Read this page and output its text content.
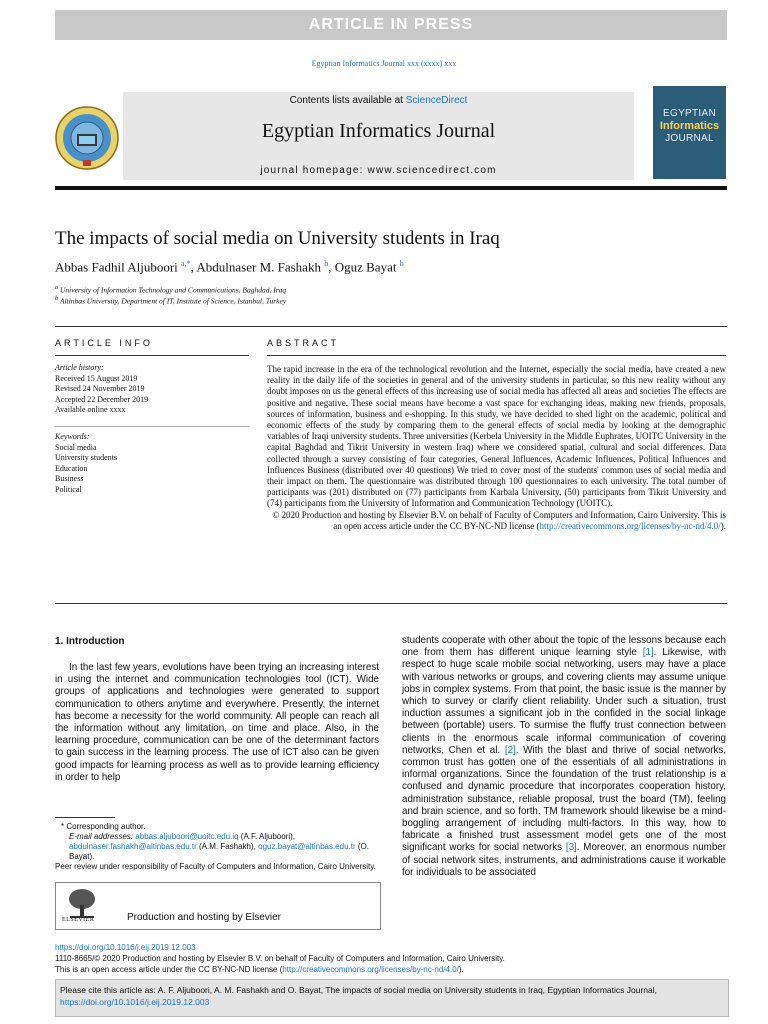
ARTICLE IN PRESS
Egyptian Informatics Journal xxx (xxxx) xxx
Contents lists available at ScienceDirect
Egyptian Informatics Journal
journal homepage: www.sciencedirect.com
EGYPTIAN
Informatics
JOURNAL
The impacts of social media on University students in Iraq
Abbas Fadhil Aljuboori $^{a,*}$, Abdulnaser M. Fashakh $^b$, Oguz Bayat $^b$
$^a$ University of Information Technology and Communications, Baghdad, Iraq
$^b$ Altinbas University, Department of IT, Institute of Science, Istanbul, Turkey
ARTICLE INFO
Article history:
Received 15 August 2019
Revised 24 November 2019
Accepted 22 December 2019
Available online xxxx
Keywords:
Social media
University students
Education
Business
Political
ABSTRACT

The rapid increase in the era of the technological revolution and the Internet, especially the social media, have created a new reality in the daily life of the societies in general and of the university students in particular, so this new reality without any doubt imposes on us the general effects of this increasing use of social media has affected all areas and societies The effects are positive and negative. These social means have become a vast space for exchanging ideas, making new friends, proposals, sources of information, business and e-shopping. In this study, we have decided to shed light on the academic, political and economic effects of the study by comparing them to the general effects of social media by looking at the demographic variables of Iraqi university students. Three universities (Kerbela University in the Middle Euphrates, UOITC University in the capital Baghdad and Tikrit University in western Iraq) where we considered spatial, cultural and social differences. Data collected through a survey consisting of four categories, General Influences, Academic Influences, Political Influences and Influences Business (distributed over 40 questions) We tried to cover most of the students' common uses of social media and their impact on them. The questionnaire was distributed through 100 questionnaires to each university. The total number of participants was (201) distributed on (77) participants from Karbala University, (50) participants from Tikrit University and (74) participants from the University of Information and Communication Technology (UOITC).

© 2020 Production and hosting by Elsevier B.V. on behalf of Faculty of Computers and Information, Cairo University. This is an open access article under the CC BY-NC-ND license (http://creativecommons.org/licenses/by-nc-nd/4.0/).

1. Introduction

In the last few years, evolutions have been trying an increasing interest in using the internet and communication technologies tool (ICT). Wide groups of applications and technologies were generated to support communication to others anytime and everywhere. Presently, the internet has become a necessity for the world community. All people can reach all the information without any limitation, on time and place. Also, in the learning procedure, communication can be one of the determinant factors to gain success in the learning process. The use of ICT also can be given good impacts for learning process as well as to provide learning efficiency in order to help

students cooperate with other about the topic of the lessons because each one from them has different unique learning style [1]. Likewise, with respect to huge scale mobile social networking, users may have a place with various networks or groups, and covering clients may assume unique jobs in complex systems. From that point, the basic issue is the manner by which to survey or clarify client reliability. Under such a situation, trust induction assumes a significant job in the confided in the social linkage between (portable) users. To surmise the fluffy trust connection between clients in the enormous scale informal communication of covering networks, Chen et al. [2]. With the blast and thrive of social networks, common trust has gotten one of the essentials of all administrations in informal organizations. Since the foundation of the trust relationship is a confused and dynamic procedure that incorporates cooperation history, administration substance, reliable proposal, trust the board (TM), feeling and brain science, and so forth. TM framework should likewise be a mind-boggling arrangement of including multi-factors. In this way, how to fabricate a finished trust assessment model gets one of the most significant works for social networks [3]. Moreover, an enormous number of social network sites, instruments, and administrations cause it workable for individuals to be associated

* Corresponding author.
E-mail addresses: abbas.aljuboori@uoitc.edu.iq (A.F. Aljuboori), abdulnaser.fashakh@altinbas.edu.tr (A.M. Fashakh), oguz.bayat@altinbas.edu.tr (O. Bayat).
Peer review under responsibility of Faculty of Computers and Information, Cairo University.
ELSEVIER	Production and hosting by Elsevier
https://doi.org/10.1016/j.eij.2019.12.003
1110-8665/© 2020 Production and hosting by Elsevier B.V. on behalf of Faculty of Computers and Information, Cairo University.
This is an open access article under the CC BY-NC-ND license (http://creativecommons.org/licenses/by-nc-nd/4.0/).
Please cite this article as: A. F. Aljuboori, A. M. Fashakh and O. Bayat, The impacts of social media on University students in Iraq, Egyptian Informatics Journal, https://doi.org/10.1016/j.eij.2019.12.003
